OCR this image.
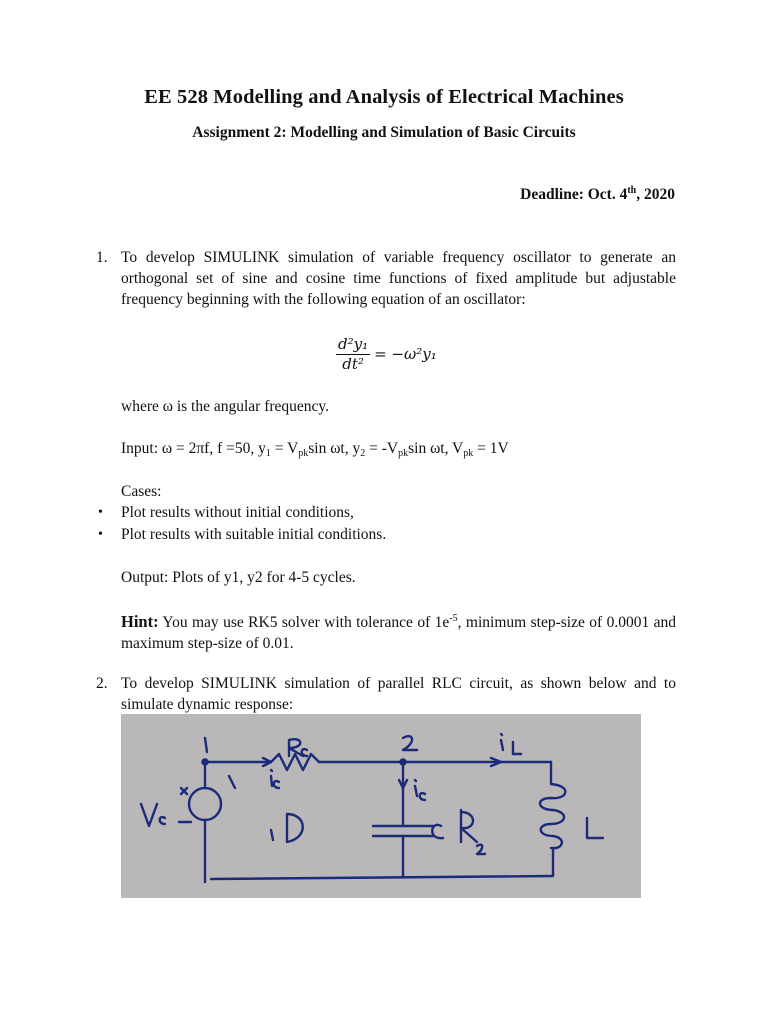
EE 528 Modelling and Analysis of Electrical Machines
Assignment 2: Modelling and Simulation of Basic Circuits
Deadline: Oct. 4th, 2020
1. To develop SIMULINK simulation of variable frequency oscillator to generate an orthogonal set of sine and cosine time functions of fixed amplitude but adjustable frequency beginning with the following equation of an oscillator:
$\frac{\text{d²y₁}}{\text{dt²}} = -\omega^2y_1$
where ω is the angular frequency.
Input: ω = 2πf, f =50, $y_1 = V_{pk}\sin$ ωt, $y_2 = -V_{pk}\sin$ ωt, $V_{pk} = 1V$
Cases:
• Plot results without initial conditions,
• Plot results with suitable initial conditions.
Output: Plots of y1, y2 for 4-5 cycles.
Hint: You may use RK5 solver with tolerance of $1e^{-5}$, minimum step-size of 0.0001 and maximum step-size of 0.01.
2. To develop SIMULINK simulation of parallel RLC circuit, as shown below and to simulate dynamic response:
